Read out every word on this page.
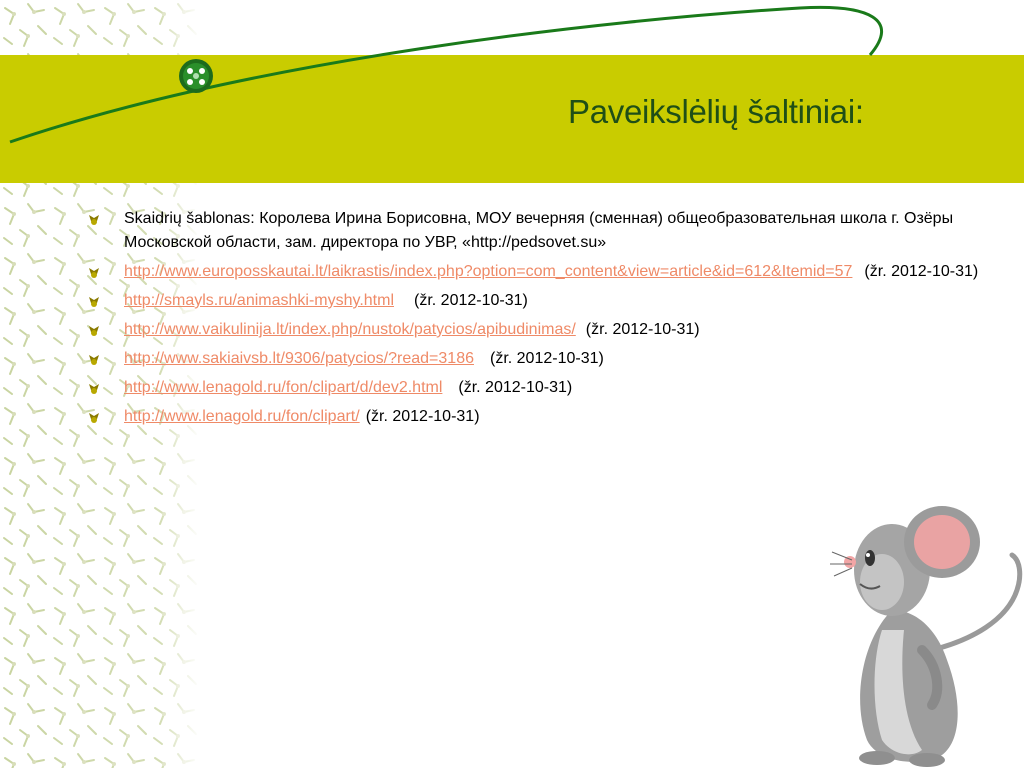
Paveikslėlių šaltiniai:
Skaidrių šablonas: Королева Ирина Борисовна, МОУ вечерняя (сменная) общеобразовательная школа г. Озёры Московской области, зам. директора по УВР, «http://pedsovet.su»
http://www.europosskautai.lt/laikrastis/index.php?option=com_content&view=article&id=612&Itemid=57 (žr. 2012-10-31)
http://smayls.ru/animashki-myshy.html (žr. 2012-10-31)
http://www.vaikulinija.lt/index.php/nustok/patycios/apibudinimas/ (žr. 2012-10-31)
http://www.sakiaivsb.lt/9306/patycios/?read=3186 (žr. 2012-10-31)
http://www.lenagold.ru/fon/clipart/d/dev2.html (žr. 2012-10-31)
http://www.lenagold.ru/fon/clipart/ (žr. 2012-10-31)
